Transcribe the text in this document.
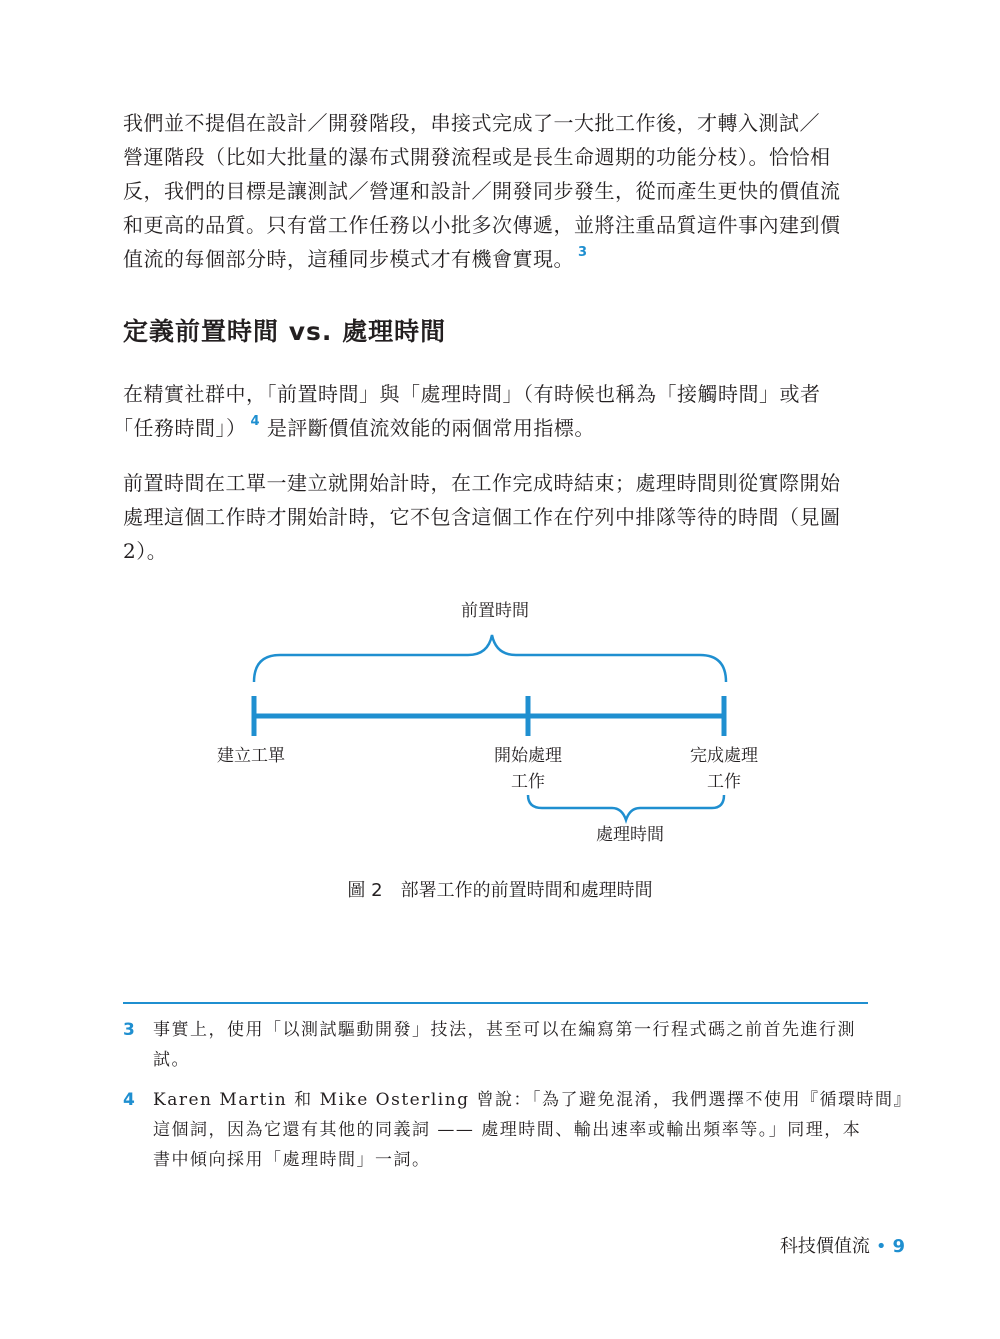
我們並不提倡在設計／開發階段，串接式完成了一大批工作後，才轉入測試／
營運階段（比如大批量的瀑布式開發流程或是長生命週期的功能分枝）。恰恰相
反，我們的目標是讓測試／營運和設計／開發同步發生，從而產生更快的價值流
和更高的品質。只有當工作任務以小批多次傳遞，並將注重品質這件事內建到價
值流的每個部分時，這種同步模式才有機會實現。 $^3$
定義前置時間 vs. 處理時間
在精實社群中，「前置時間」與「處理時間」（有時候也稱為「接觸時間」或者
「任務時間」） $^4$ 是評斷價值流效能的兩個常用指標。
前置時間在工單一建立就開始計時，在工作完成時結束；處理時間則從實際開始
處理這個工作時才開始計時，它不包含這個工作在佇列中排隊等待的時間（見圖
2）。
前置時間
建立工單	開始處理
工作
完成處理
工作
處理時間
圖 2 部署工作的前置時間和處理時間
3 事實上，使用「以測試驅動開發」技法，甚至可以在編寫第一行程式碼之前首先進行測
試。
4 Karen Martin 和 Mike Osterling 曾說：「為了避免混淆，我們選擇不使用『循環時間』
這個詞，因為它還有其他的同義詞 —— 處理時間、輸出速率或輸出頻率等。」同理，本
書中傾向採用「處理時間」一詞。
科技價值流 • 9
